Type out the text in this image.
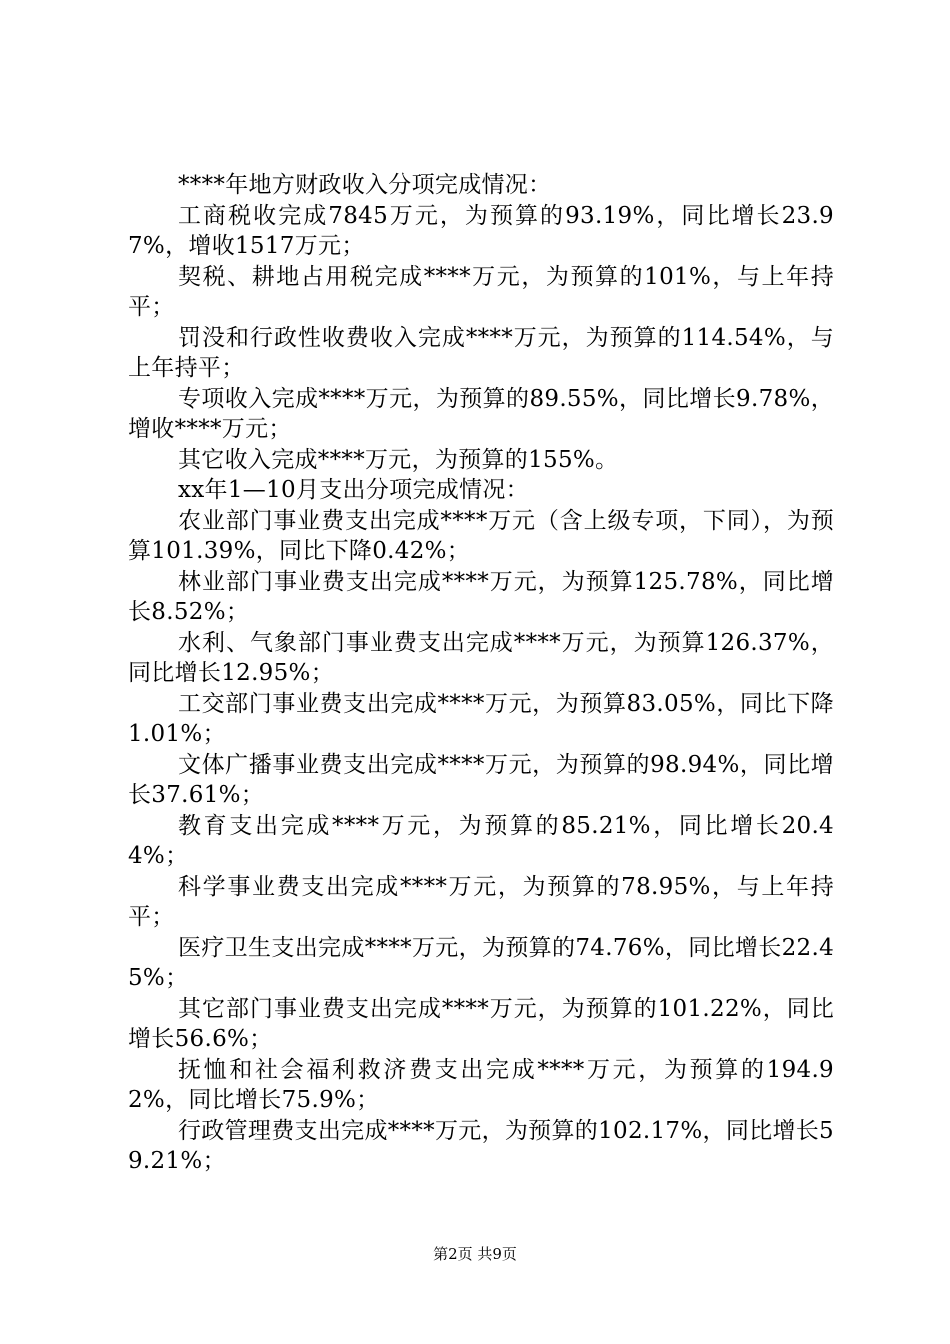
****年地方财政收入分项完成情况：

工商税收完成7845万元，为预算的93.19%，同比增长23.97%，增收1517万元；

契税、耕地占用税完成****万元，为预算的101%，与上年持平；

罚没和行政性收费收入完成****万元，为预算的114.54%，与上年持平；

专项收入完成****万元，为预算的89.55%，同比增长9.78%，增收****万元；

其它收入完成****万元，为预算的155%。

xx年1—10月支出分项完成情况：

农业部门事业费支出完成****万元（含上级专项，下同），为预算101.39%，同比下降0.42%；

林业部门事业费支出完成****万元，为预算125.78%，同比增长8.52%；

水利、气象部门事业费支出完成****万元，为预算126.37%，同比增长12.95%；

工交部门事业费支出完成****万元，为预算83.05%，同比下降1.01%；

文体广播事业费支出完成****万元，为预算的98.94%，同比增长37.61%；

教育支出完成****万元，为预算的85.21%，同比增长20.44%；

科学事业费支出完成****万元，为预算的78.95%，与上年持平；

医疗卫生支出完成****万元，为预算的74.76%，同比增长22.45%；

其它部门事业费支出完成****万元，为预算的101.22%，同比增长56.6%；

抚恤和社会福利救济费支出完成****万元，为预算的194.92%，同比增长75.9%；

行政管理费支出完成****万元，为预算的102.17%，同比增长59.21%；

第2页 共9页
